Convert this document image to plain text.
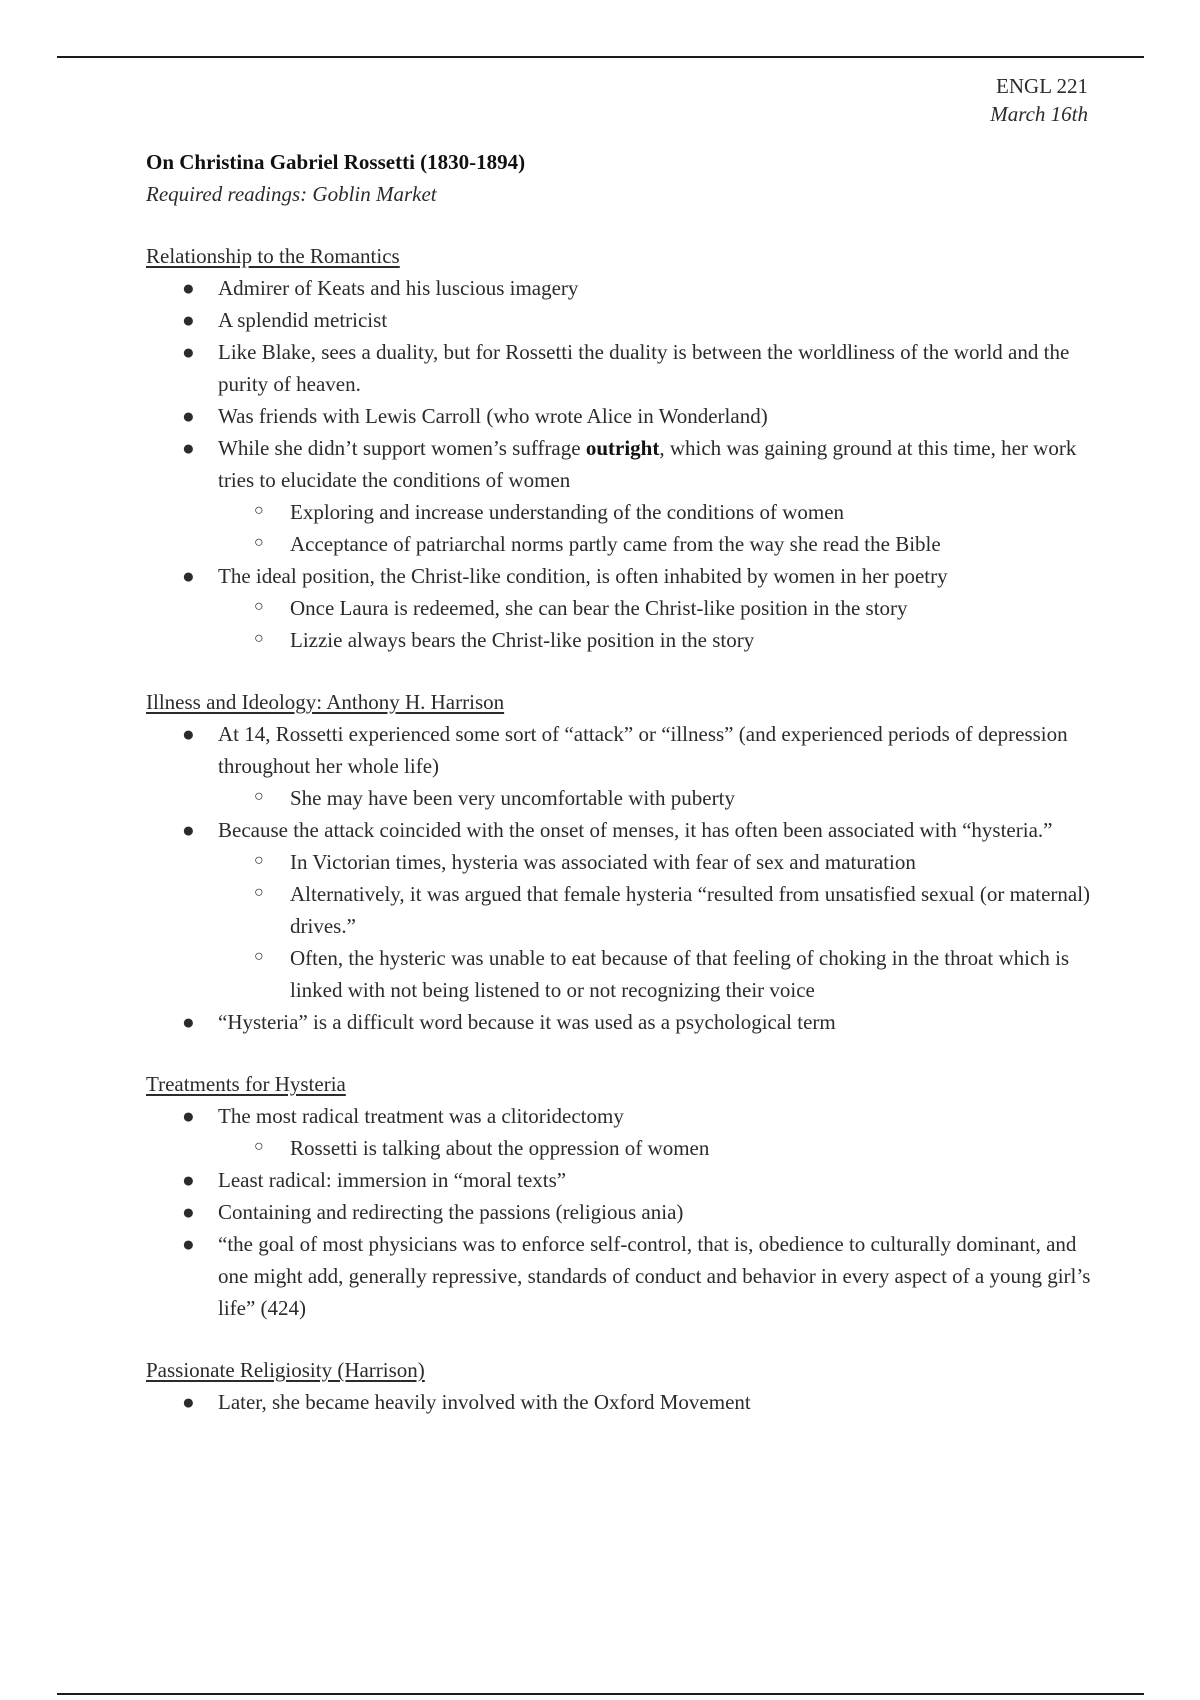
ENGL 221
March 16th
On Christina Gabriel Rossetti (1830-1894)
Required readings: Goblin Market
Relationship to the Romantics
● Admirer of Keats and his luscious imagery
● A splendid metricist
● Like Blake, sees a duality, but for Rossetti the duality is between the worldliness of the world and the purity of heaven.
● Was friends with Lewis Carroll (who wrote Alice in Wonderland)
● While she didn’t support women’s suffrage outright, which was gaining ground at this time, her work tries to elucidate the conditions of women
○ Exploring and increase understanding of the conditions of women
○ Acceptance of patriarchal norms partly came from the way she read the Bible
● The ideal position, the Christ-like condition, is often inhabited by women in her poetry
○ Once Laura is redeemed, she can bear the Christ-like position in the story
○ Lizzie always bears the Christ-like position in the story
Illness and Ideology: Anthony H. Harrison
● At 14, Rossetti experienced some sort of “attack” or “illness” (and experienced periods of depression throughout her whole life)
○ She may have been very uncomfortable with puberty
● Because the attack coincided with the onset of menses, it has often been associated with “hysteria.”
○ In Victorian times, hysteria was associated with fear of sex and maturation
○ Alternatively, it was argued that female hysteria “resulted from unsatisfied sexual (or maternal) drives.”
○ Often, the hysteric was unable to eat because of that feeling of choking in the throat which is linked with not being listened to or not recognizing their voice
● “Hysteria” is a difficult word because it was used as a psychological term
Treatments for Hysteria
● The most radical treatment was a clitoridectomy
○ Rossetti is talking about the oppression of women
● Least radical: immersion in “moral texts”
● Containing and redirecting the passions (religious ania)
● “the goal of most physicians was to enforce self-control, that is, obedience to culturally dominant, and one might add, generally repressive, standards of conduct and behavior in every aspect of a young girl’s life” (424)
Passionate Religiosity (Harrison)
● Later, she became heavily involved with the Oxford Movement
